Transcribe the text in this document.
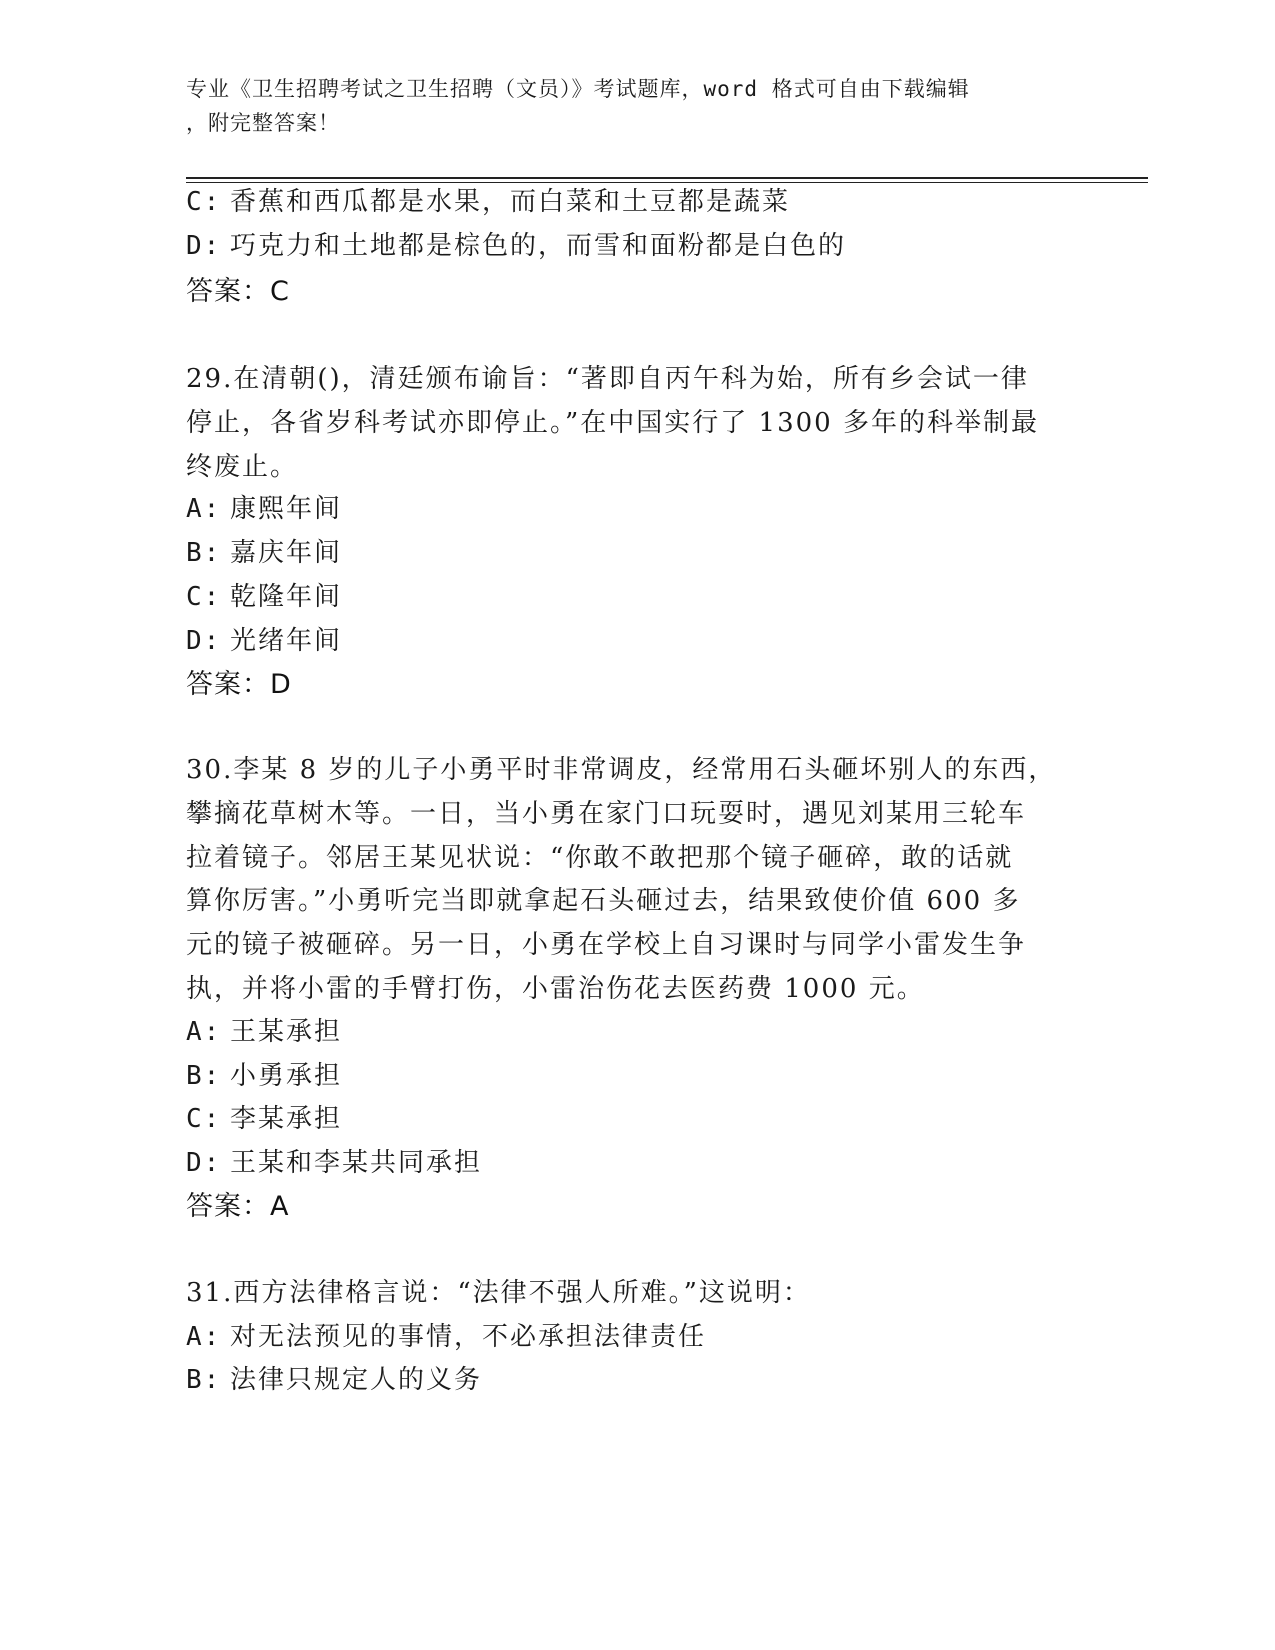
专业《卫生招聘考试之卫生招聘（文员）》考试题库，word 格式可自由下载编辑
，附完整答案！
C: 香蕉和西瓜都是水果，而白菜和土豆都是蔬菜
D: 巧克力和土地都是棕色的，而雪和面粉都是白色的
答案：C
29.在清朝()，清廷颁布谕旨：“著即自丙午科为始，所有乡会试一律
停止，各省岁科考试亦即停止。”在中国实行了 1300 多年的科举制最
终废止。
A: 康熙年间
B: 嘉庆年间
C: 乾隆年间
D: 光绪年间
答案：D
30.李某 8 岁的儿子小勇平时非常调皮，经常用石头砸坏别人的东西，
攀摘花草树木等。一日，当小勇在家门口玩耍时，遇见刘某用三轮车
拉着镜子。邻居王某见状说：“你敢不敢把那个镜子砸碎，敢的话就
算你厉害。”小勇听完当即就拿起石头砸过去，结果致使价值 600 多
元的镜子被砸碎。另一日，小勇在学校上自习课时与同学小雷发生争
执，并将小雷的手臂打伤，小雷治伤花去医药费 1000 元。
A: 王某承担
B: 小勇承担
C: 李某承担
D: 王某和李某共同承担
答案：A
31.西方法律格言说：“法律不强人所难。”这说明：
A: 对无法预见的事情，不必承担法律责任
B: 法律只规定人的义务
